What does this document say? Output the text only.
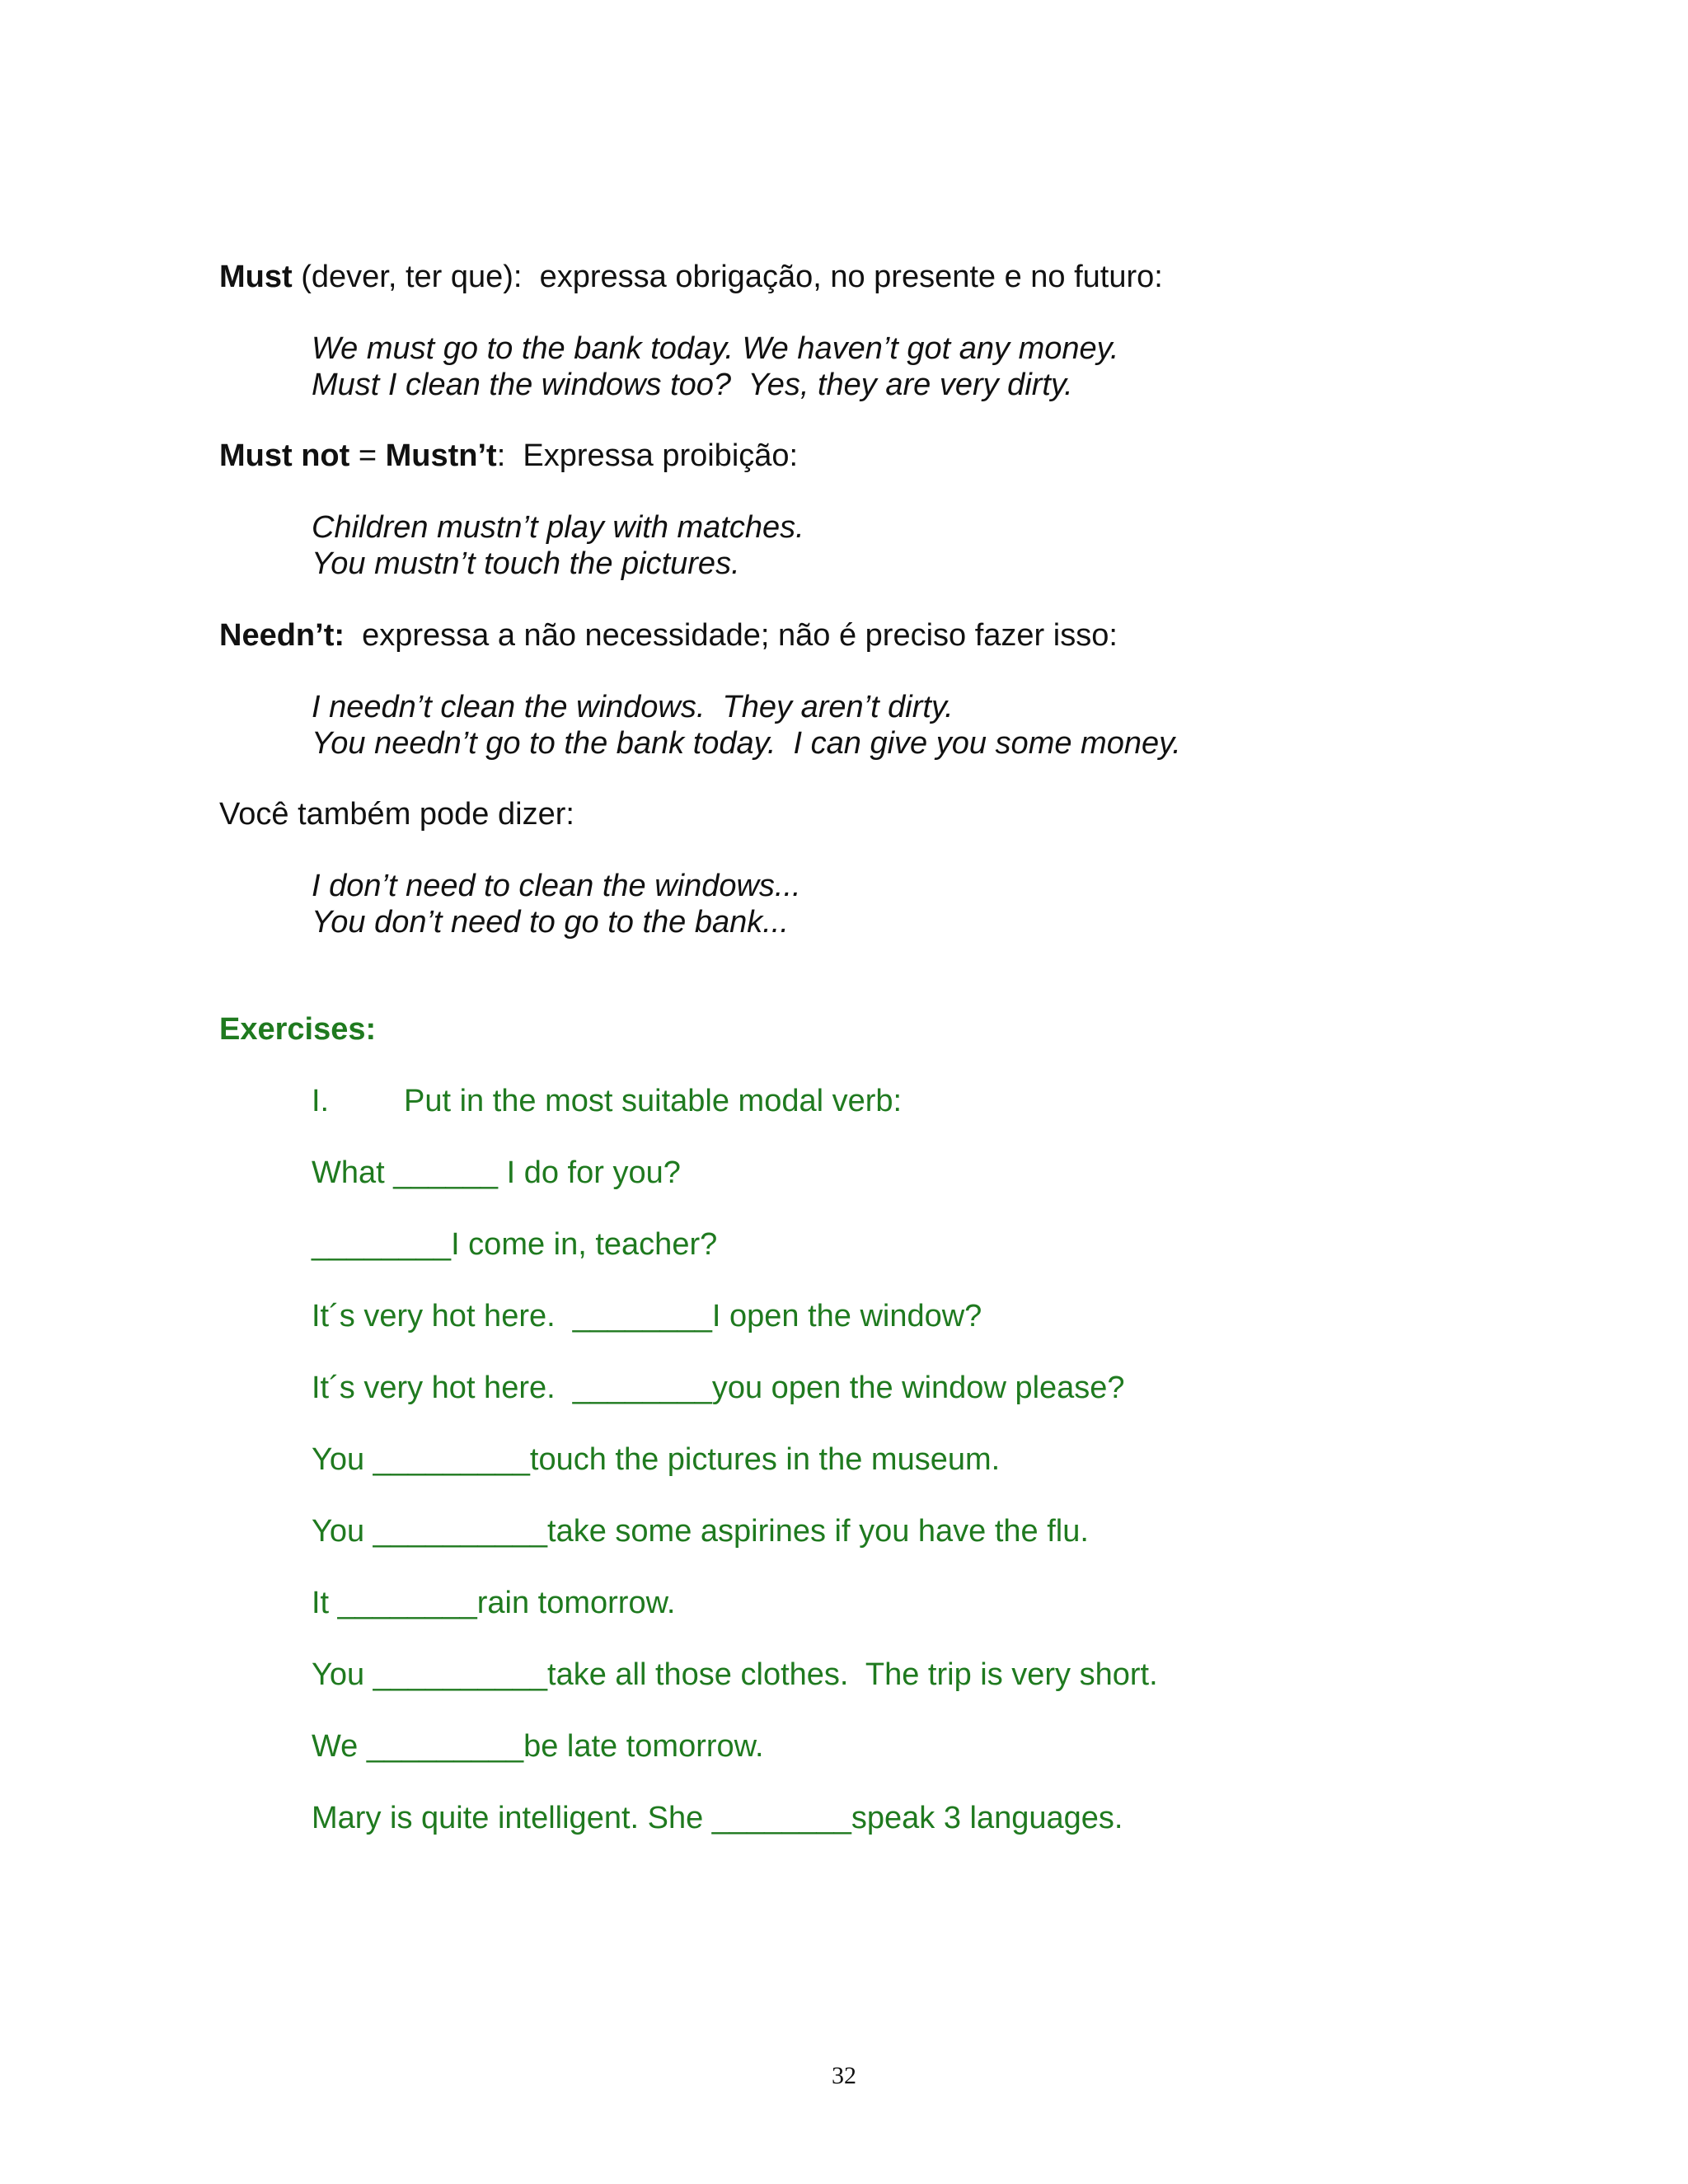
Must (dever, ter que):  expressa obrigação, no presente e no futuro:

We must go to the bank today. We haven’t got any money.

Must I clean the windows too?  Yes, they are very dirty.

Must not = Mustn’t:  Expressa proibição:

Children mustn’t play with matches.

You mustn’t touch the pictures.

Needn’t:  expressa a não necessidade; não é preciso fazer isso:

I needn’t clean the windows.  They aren’t dirty.

You needn’t go to the bank today.  I can give you some money.

Você também pode dizer:

I don’t need to clean the windows...

You don’t need to go to the bank...

Exercises:

I. Put in the most suitable modal verb:

What ______ I do for you?

________I come in, teacher?

It´s very hot here.  ________I open the window?

It´s very hot here.  ________you open the window please?

You _________touch the pictures in the museum.

You __________take some aspirines if you have the flu.

It ________rain tomorrow.

You __________take all those clothes.  The trip is very short.

We _________be late tomorrow.

Mary is quite intelligent. She ________speak 3 languages.

32
